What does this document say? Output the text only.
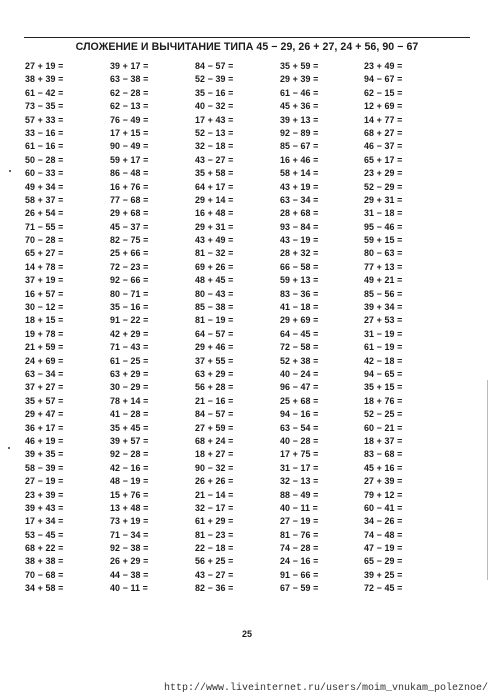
СЛОЖЕНИЕ И ВЫЧИТАНИЕ ТИПА 45 − 29, 26 + 27, 24 + 56, 90 − 67
27 + 19 =	39 + 17 =	84 − 57 =	35 + 59 =	23 + 49 =
38 + 39 =	63 − 38 =	52 − 39 =	29 + 39 =	94 − 67 =
61 − 42 =	62 − 28 =	35 − 16 =	61 − 46 =	62 − 15 =
73 − 35 =	62 − 13 =	40 − 32 =	45 + 36 =	12 + 69 =
57 + 33 =	76 − 49 =	17 + 43 =	39 + 13 =	14 + 77 =
33 − 16 =	17 + 15 =	52 − 13 =	92 − 89 =	68 + 27 =
61 − 16 =	90 − 49 =	32 − 18 =	85 − 67 =	46 − 37 =
50 − 28 =	59 + 17 =	43 − 27 =	16 + 46 =	65 + 17 =
60 − 33 =	86 − 48 =	35 + 58 =	58 + 14 =	23 + 29 =
49 + 34 =	16 + 76 =	64 + 17 =	43 + 19 =	52 − 29 =
58 + 37 =	77 − 68 =	29 + 14 =	63 − 34 =	29 + 31 =
26 + 54 =	29 + 68 =	16 + 48 =	28 + 68 =	31 − 18 =
71 − 55 =	45 − 37 =	29 + 31 =	93 − 84 =	95 − 46 =
70 − 28 =	82 − 75 =	43 + 49 =	43 − 19 =	59 + 15 =
65 + 27 =	25 + 66 =	81 − 32 =	28 + 32 =	80 − 63 =
14 + 78 =	72 − 23 =	69 + 26 =	66 − 58 =	77 + 13 =
37 + 19 =	92 − 66 =	48 + 45 =	59 + 13 =	49 + 21 =
16 + 57 =	80 − 71 =	80 − 43 =	83 − 36 =	85 − 56 =
30 − 12 =	35 − 16 =	85 − 38 =	41 − 18 =	39 + 34 =
18 + 15 =	91 − 22 =	81 − 19 =	29 + 69 =	27 + 53 =
19 + 78 =	42 + 29 =	64 − 57 =	64 − 45 =	31 − 19 =
21 + 59 =	71 − 43 =	29 + 46 =	72 − 58 =	61 − 19 =
24 + 69 =	61 − 25 =	37 + 55 =	52 + 38 =	42 − 18 =
63 − 34 =	63 + 29 =	63 + 29 =	40 − 24 =	94 − 65 =
37 + 27 =	30 − 29 =	56 + 28 =	96 − 47 =	35 + 15 =
35 + 57 =	78 + 14 =	21 − 16 =	25 + 68 =	18 + 76 =
29 + 47 =	41 − 28 =	84 − 57 =	94 − 16 =	52 − 25 =
36 + 17 =	35 + 45 =	27 + 59 =	63 − 54 =	60 − 21 =
46 + 19 =	39 + 57 =	68 + 24 =	40 − 28 =	18 + 37 =
39 + 35 =	92 − 28 =	18 + 27 =	17 + 75 =	83 − 68 =
58 − 39 =	42 − 16 =	90 − 32 =	31 − 17 =	45 + 16 =
27 − 19 =	48 − 19 =	26 + 26 =	32 − 13 =	27 + 39 =
23 + 39 =	15 + 76 =	21 − 14 =	88 − 49 =	79 + 12 =
39 + 43 =	13 + 48 =	32 − 17 =	40 − 11 =	60 − 41 =
17 + 34 =	73 + 19 =	61 + 29 =	27 − 19 =	34 − 26 =
53 − 45 =	71 − 34 =	81 − 23 =	81 − 76 =	74 − 48 =
68 + 22 =	92 − 38 =	22 − 18 =	74 − 28 =	47 − 19 =
38 + 38 =	26 + 29 =	56 + 25 =	24 − 16 =	65 − 29 =
70 − 68 =	44 − 38 =	43 − 27 =	91 − 66 =	39 + 25 =
34 + 58 =	40 − 11 =	82 − 36 =	67 − 59 =	72 − 45 =
25
http://www.liveinternet.ru/users/moim_vnukam_poleznoe/
